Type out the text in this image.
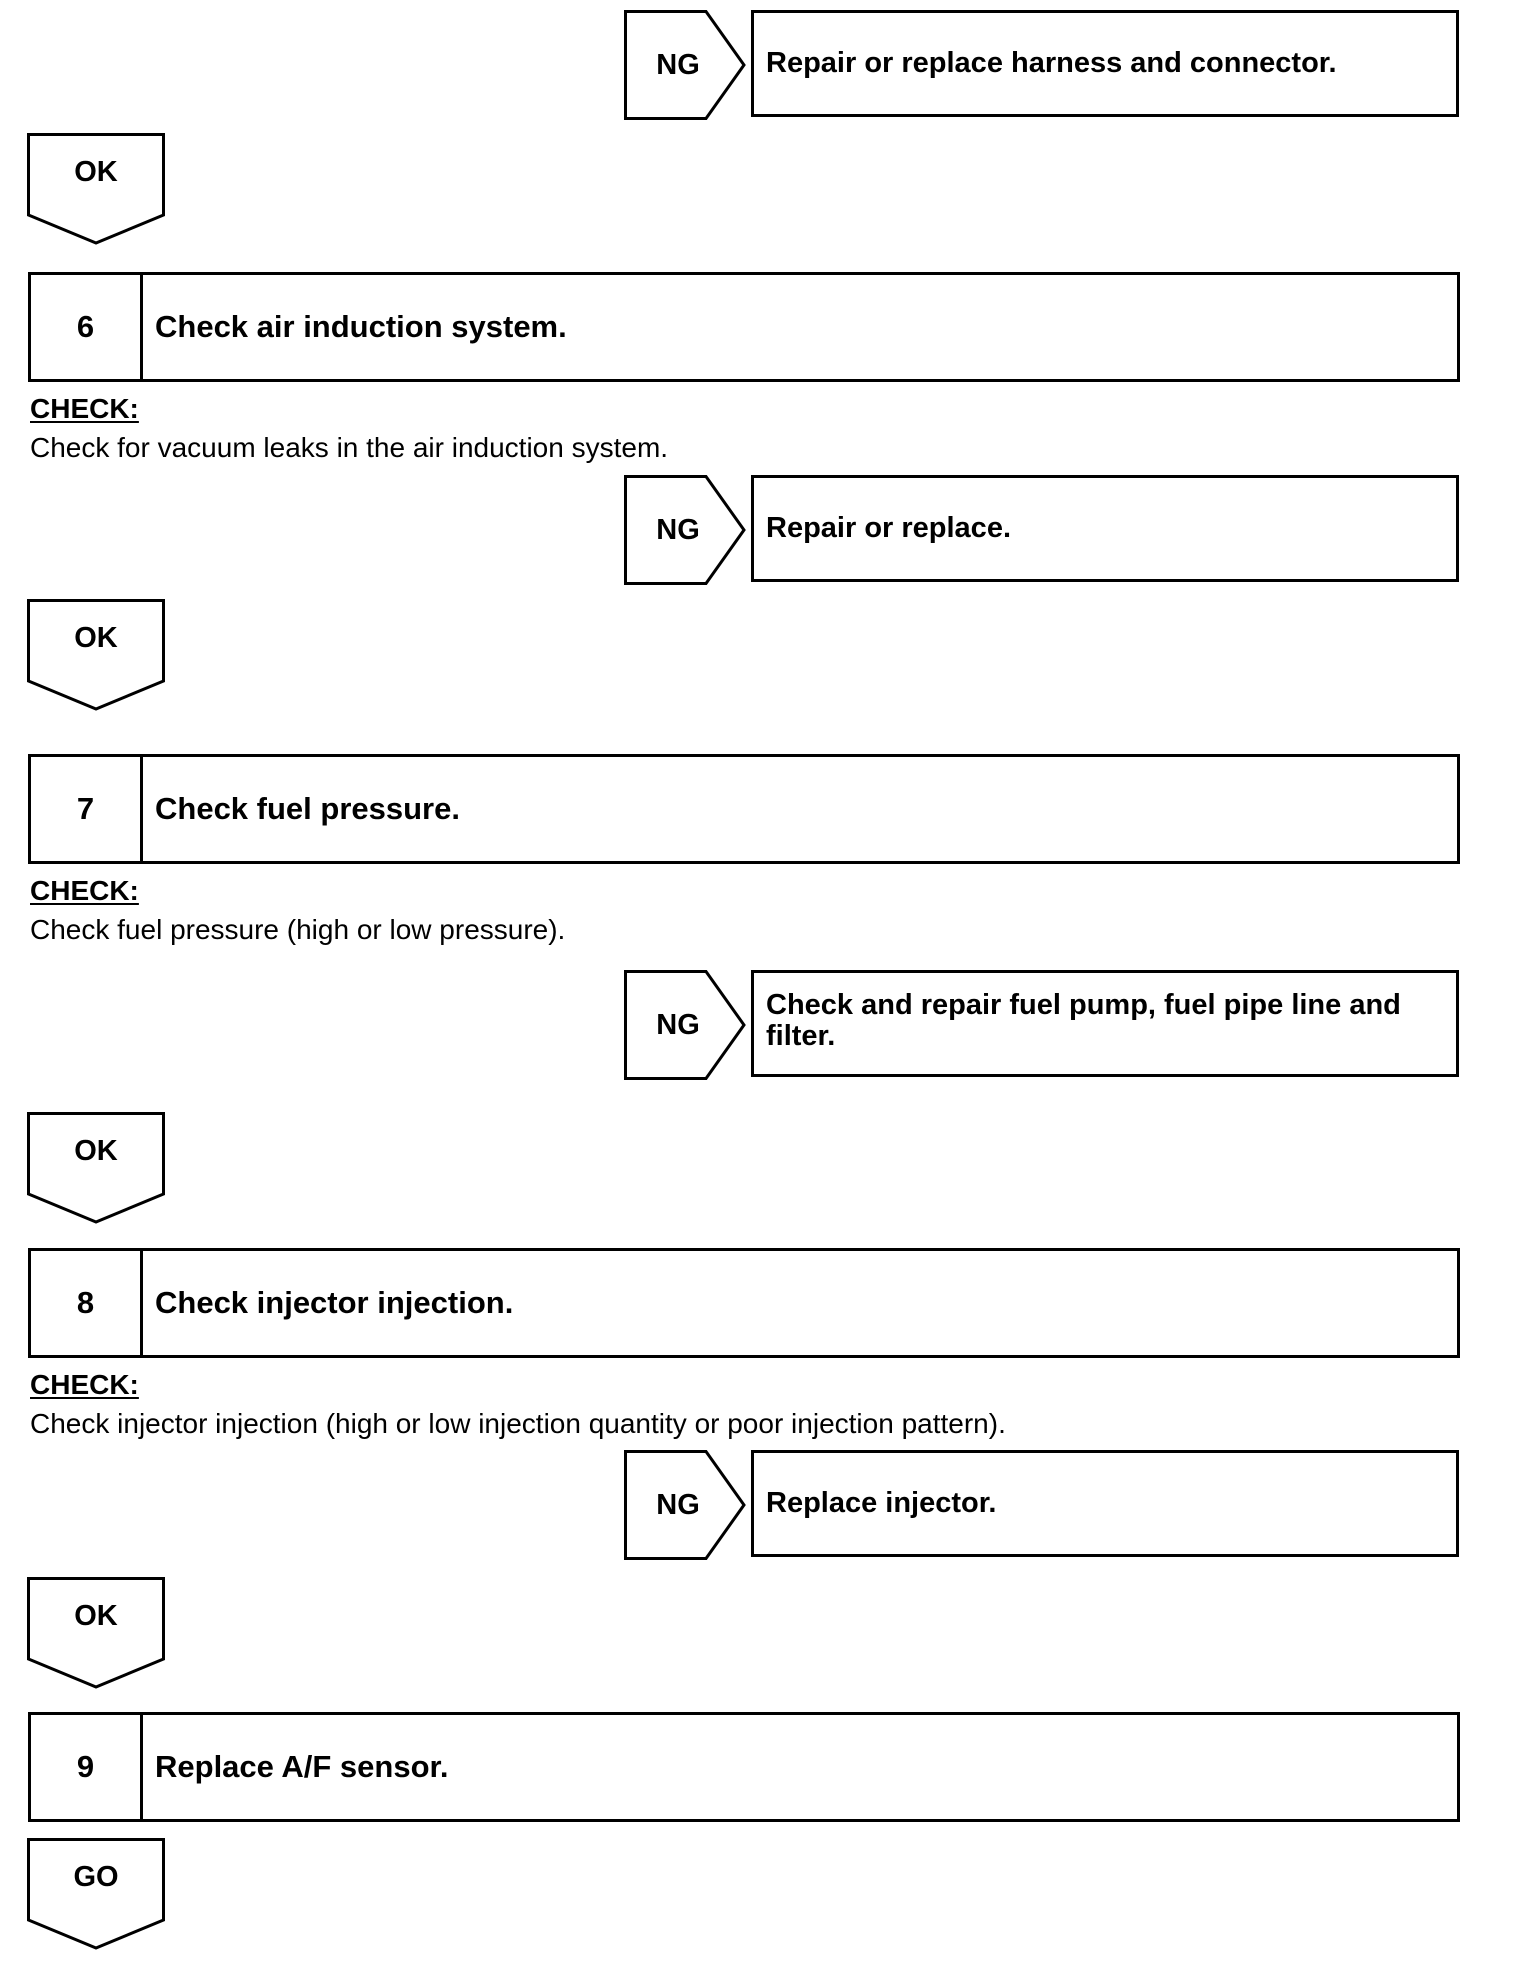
NG	Repair or replace harness and connector.
OK
6	Check air induction system.
CHECK:
Check for vacuum leaks in the air induction system.
NG	Repair or replace.
OK
7	Check fuel pressure.
CHECK:
Check fuel pressure (high or low pressure).
NG
Check and repair fuel pump, fuel pipe line and filter.
OK
8	Check injector injection.
CHECK:
Check injector injection (high or low injection quantity or poor injection pattern).
NG	Replace injector.
OK
9	Replace A/F sensor.
GO
